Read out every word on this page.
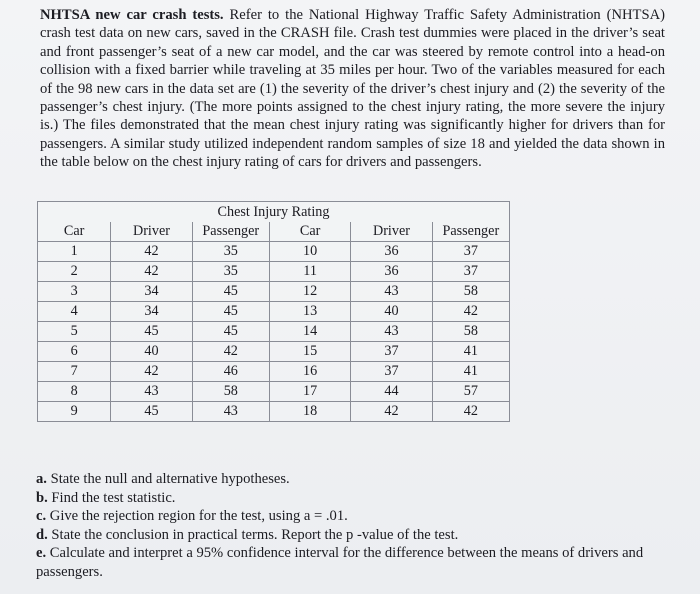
NHTSA new car crash tests. Refer to the National Highway Traffic Safety Administration (NHTSA) crash test data on new cars, saved in the CRASH file. Crash test dummies were placed in the driver’s seat and front passenger’s seat of a new car model, and the car was steered by remote control into a head-on collision with a fixed barrier while traveling at 35 miles per hour. Two of the variables measured for each of the 98 new cars in the data set are (1) the severity of the driver’s chest injury and (2) the severity of the passenger’s chest injury. (The more points assigned to the chest injury rating, the more severe the injury is.) The files demonstrated that the mean chest injury rating was significantly higher for drivers than for passengers. A similar study utilized independent random samples of size 18 and yielded the data shown in the table below on the chest injury rating of cars for drivers and passengers.
Chest Injury Rating					
Car	Driver	Passenger	Car	Driver	Passenger
1	42	35	10	36	37
2	42	35	11	36	37
3	34	45	12	43	58
4	34	45	13	40	42
5	45	45	14	43	58
6	40	42	15	37	41
7	42	46	16	37	41
8	43	58	17	44	57
9	45	43	18	42	42
a. State the null and alternative hypotheses.
b. Find the test statistic.
c. Give the rejection region for the test, using a = .01.
d. State the conclusion in practical terms. Report the p -value of the test.
e. Calculate and interpret a 95% confidence interval for the difference between the means of drivers and passengers.
